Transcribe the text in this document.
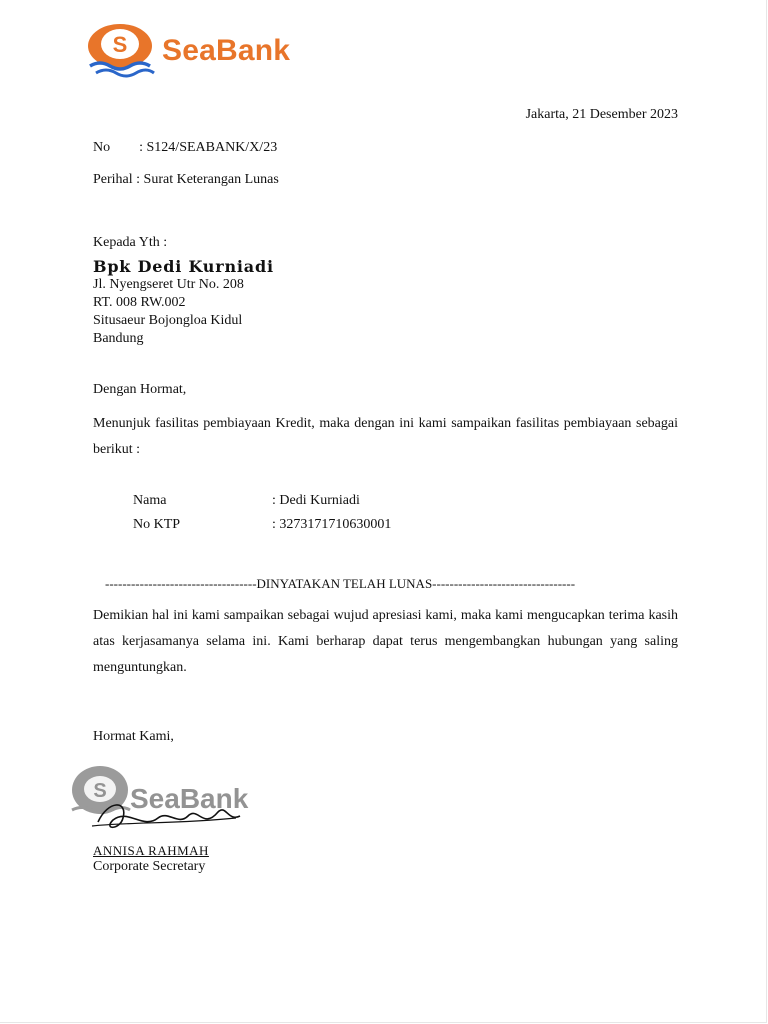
S SeaBank
Jakarta, 21 Desember 2023
No : S124/SEABANK/X/23
Perihal : Surat Keterangan Lunas
Kepada Yth :
Bpk Dedi Kurniadi
Jl. Nyengseret Utr No. 208
RT. 008 RW.002
Situsaeur Bojongloa Kidul
Bandung
Dengan Hormat,
Menunjuk fasilitas pembiayaan Kredit, maka dengan ini kami sampaikan fasilitas pembiayaan sebagai berikut :
Nama	: Dedi Kurniadi
No KTP	: 3273171710630001
-----------------------------------DINYATAKAN TELAH LUNAS---------------------------------
Demikian hal ini kami sampaikan sebagai wujud apresiasi kami, maka kami mengucapkan terima kasih atas kerjasamanya selama ini. Kami berharap dapat terus mengembangkan hubungan yang saling menguntungkan.
Hormat Kami,
S SeaBank
ANNISA RAHMAH
Corporate Secretary
